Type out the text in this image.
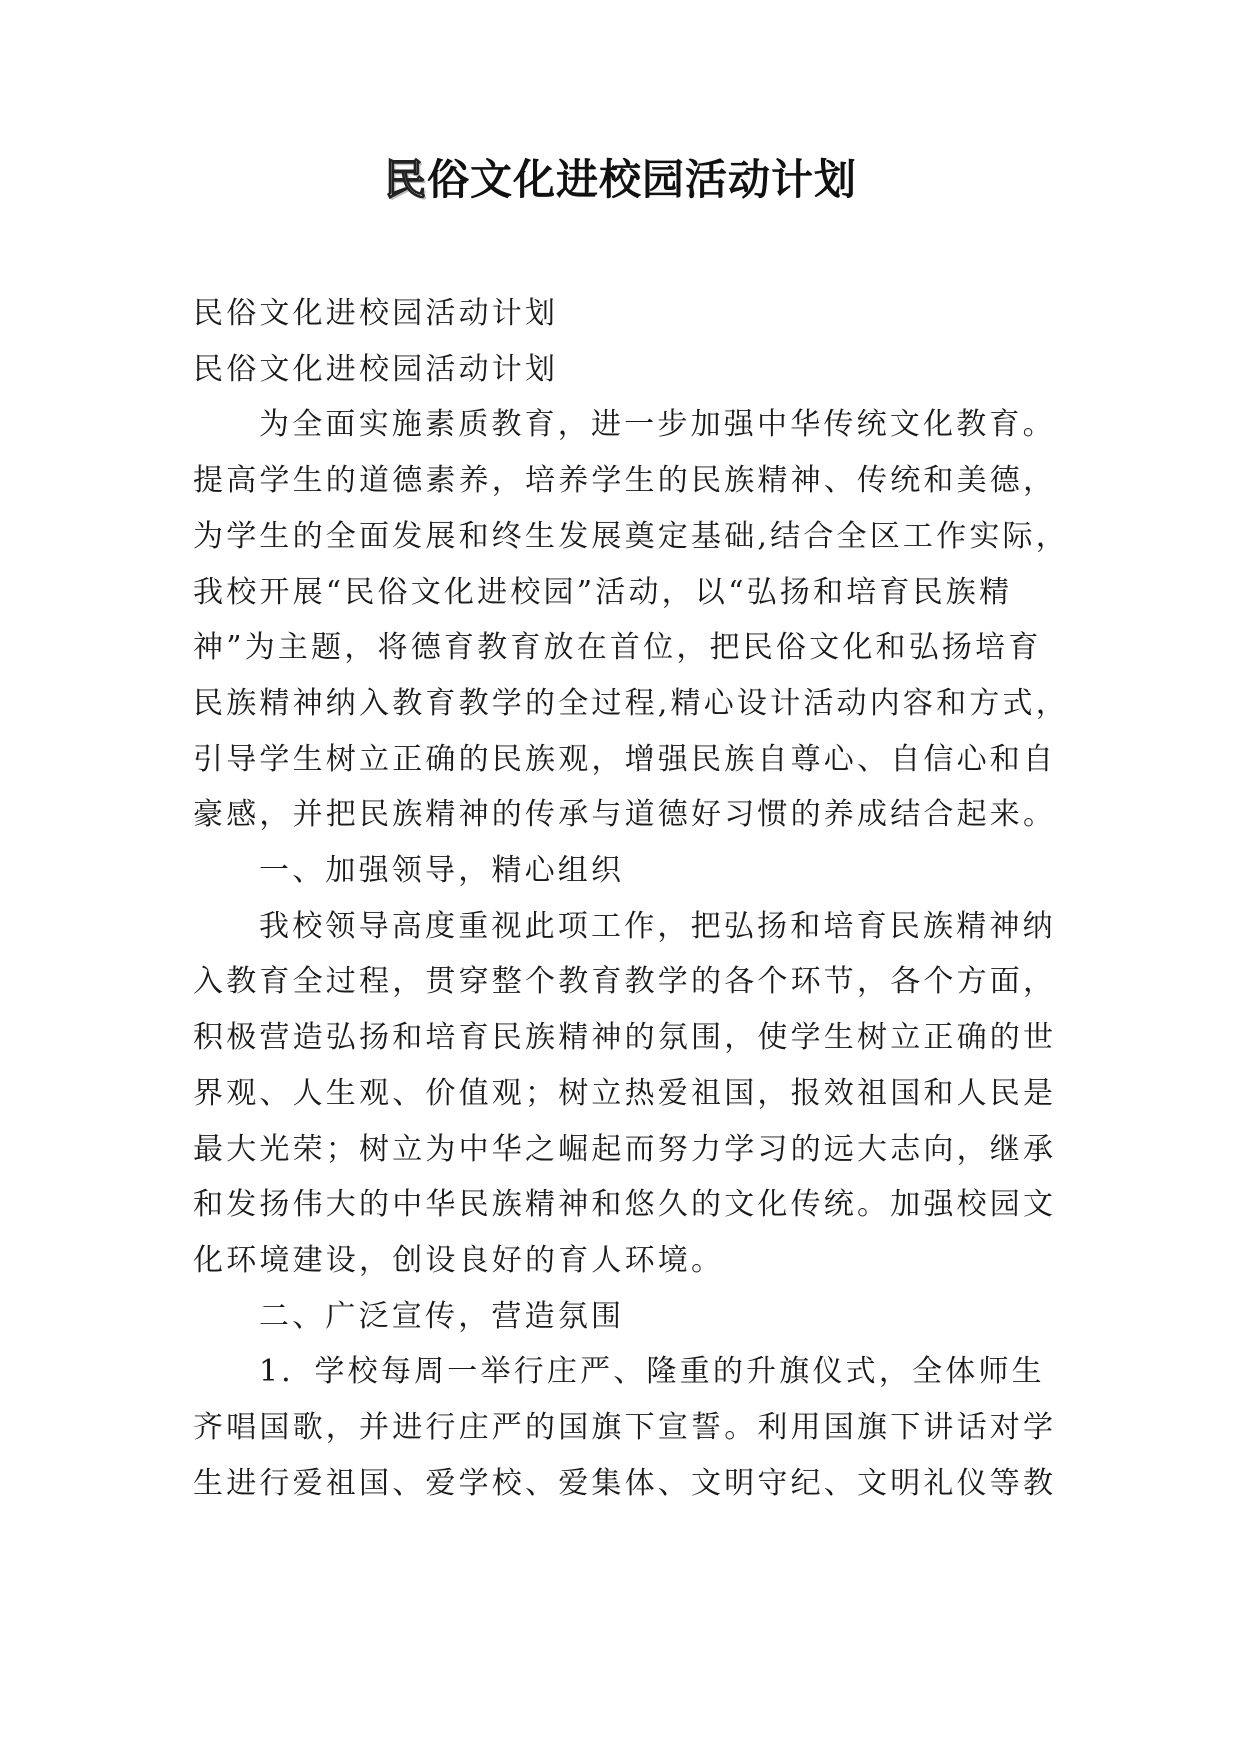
民俗文化进校园活动计划

民俗文化进校园活动计划

民俗文化进校园活动计划

为全面实施素质教育，进一步加强中华传统文化教育。

提高学生的道德素养，培养学生的民族精神、传统和美德，

为学生的全面发展和终生发展奠定基础,结合全区工作实际，

我校开展“民俗文化进校园”活动，以“弘扬和培育民族精

神”为主题，将德育教育放在首位，把民俗文化和弘扬培育

民族精神纳入教育教学的全过程,精心设计活动内容和方式，

引导学生树立正确的民族观，增强民族自尊心、自信心和自

豪感，并把民族精神的传承与道德好习惯的养成结合起来。

一、加强领导，精心组织

我校领导高度重视此项工作，把弘扬和培育民族精神纳

入教育全过程，贯穿整个教育教学的各个环节，各个方面，

积极营造弘扬和培育民族精神的氛围，使学生树立正确的世

界观、人生观、价值观；树立热爱祖国，报效祖国和人民是

最大光荣；树立为中华之崛起而努力学习的远大志向，继承

和发扬伟大的中华民族精神和悠久的文化传统。加强校园文

化环境建设，创设良好的育人环境。

二、广泛宣传，营造氛围

1．学校每周一举行庄严、隆重的升旗仪式，全体师生

齐唱国歌，并进行庄严的国旗下宣誓。利用国旗下讲话对学

生进行爱祖国、爱学校、爱集体、文明守纪、文明礼仪等教
